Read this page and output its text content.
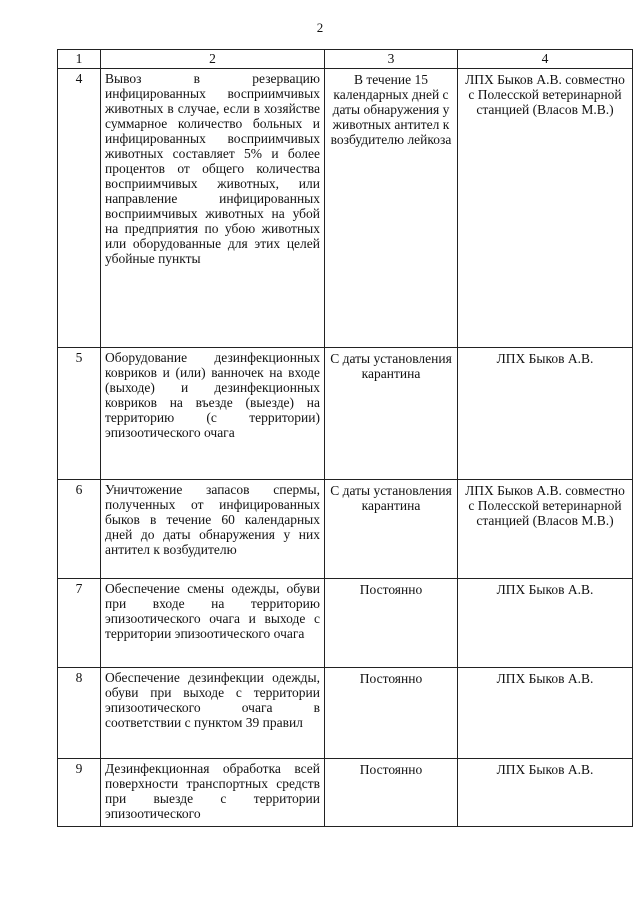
2
1	2	3	4
4	Вывоз в резервацию инфицированных восприимчивых животных в случае, если в хозяйстве суммарное количество больных и инфицированных восприимчивых животных составляет 5% и более процентов от общего количества восприимчивых животных, или направление инфицированных восприимчивых животных на убой на предприятия по убою животных или оборудованные для этих целей убойные пункты	В течение 15 календарных дней с даты обнаружения у животных антител к возбудителю лейкоза	ЛПХ Быков А.В. совместно с Полесской ветеринарной станцией (Власов М.В.)
5	Оборудование дезинфекционных ковриков и (или) ванночек на входе (выходе) и дезинфекционных ковриков на въезде (выезде) на территорию (с территории) эпизоотического очага	С даты установления карантина	ЛПХ Быков А.В.
6	Уничтожение запасов спермы, полученных от инфицированных быков в течение 60 календарных дней до даты обнаружения у них антител к возбудителю	С даты установления карантина	ЛПХ Быков А.В. совместно с Полесской ветеринарной станцией (Власов М.В.)
7	Обеспечение смены одежды, обуви при входе на территорию эпизоотического очага и выходе с территории эпизоотического очага	Постоянно	ЛПХ Быков А.В.
8	Обеспечение дезинфекции одежды, обуви при выходе с территории эпизоотического очага в соответствии с пунктом 39 правил	Постоянно	ЛПХ Быков А.В.
9	Дезинфекционная обработка всей поверхности транспортных средств при выезде с территории эпизоотического	Постоянно	ЛПХ Быков А.В.
